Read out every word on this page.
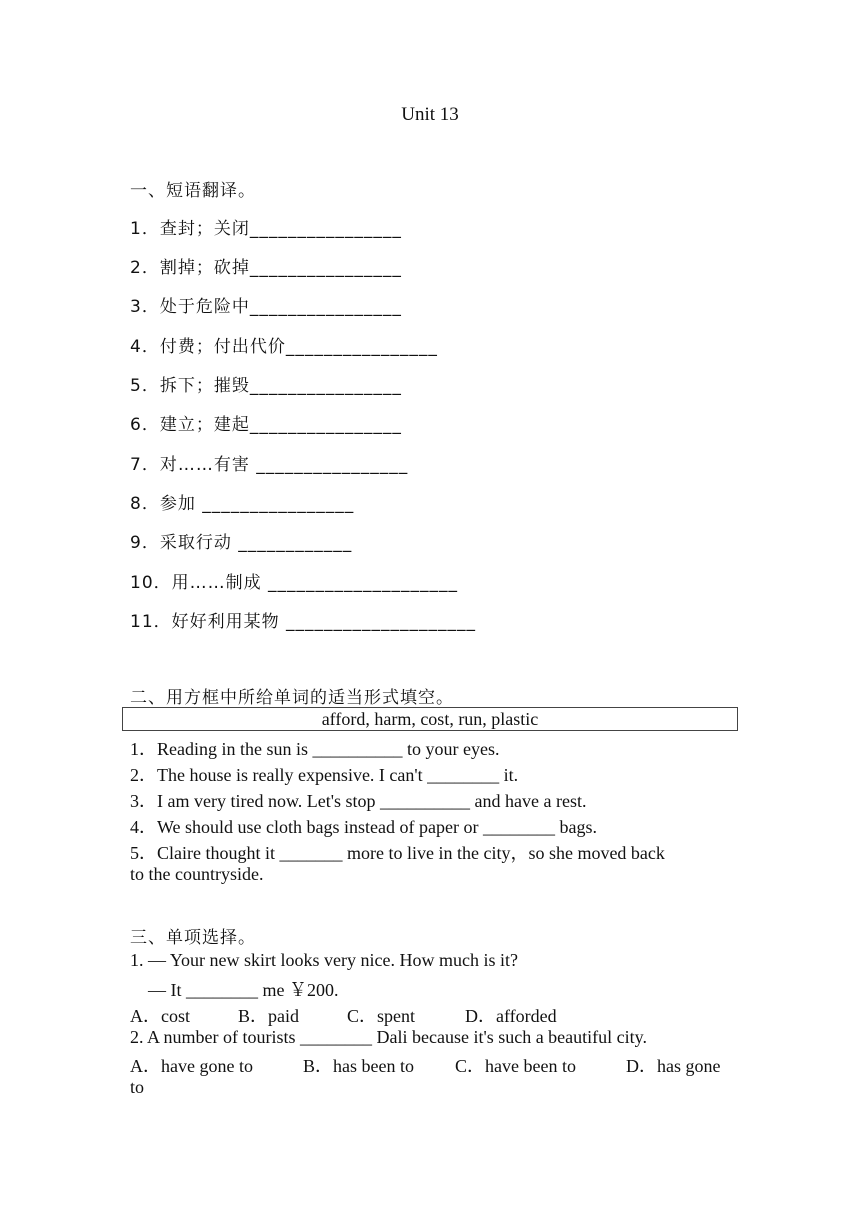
Unit 13
一、短语翻译。
1．查封；关闭________________
2．割掉；砍掉________________
3．处于危险中________________
4．付费；付出代价________________
5．拆下；摧毁________________
6．建立；建起________________
7．对……有害 ________________
8．参加 ________________
9．采取行动 ____________
10．用……制成 ____________________
11．好好利用某物 ____________________
二、用方框中所给单词的适当形式填空。
afford, harm, cost, run, plastic
1．Reading in the sun is __________ to your eyes.
2．The house is really expensive. I can't ________ it.
3．I am very tired now. Let's stop __________ and have a rest.
4．We should use cloth bags instead of paper or ________ bags.
5．Claire thought it _______ more to live in the city，so she moved back
to the countryside.
三、单项选择。
1. — Your new skirt looks very nice. How much is it?
— It ________ me ￥200.
A．cost	B．paid	C．spent	D．afforded
2. A number of tourists ________ Dali because it's such a beautiful city.
A．have gone to	B．has been to C．have been to	D．has gone
to
